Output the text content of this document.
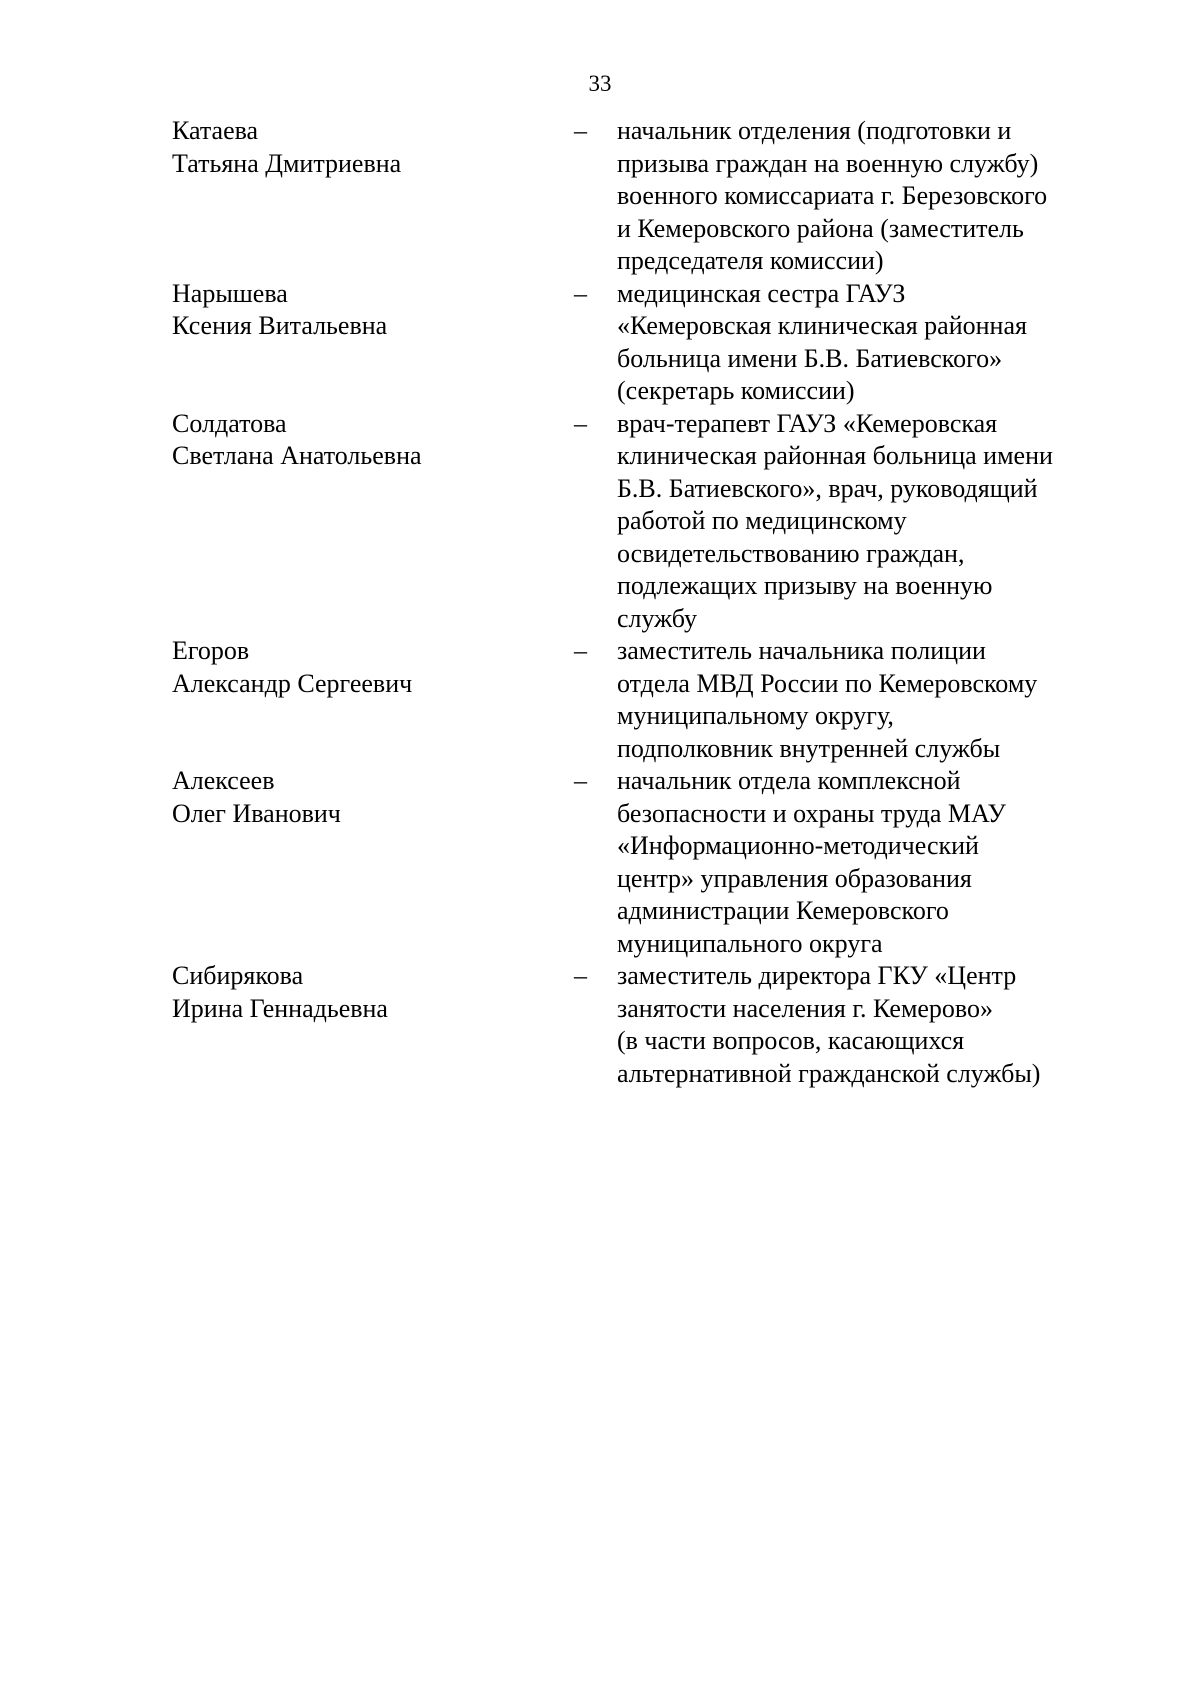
33
Катаева
Татьяна Дмитриевна
– начальник отделения (подготовки и
призыва граждан на военную службу)
военного комиссариата г. Березовского
и Кемеровского района (заместитель
председателя комиссии)
Нарышева
Ксения Витальевна
– медицинская сестра ГАУЗ
«Кемеровская клиническая районная
больница имени Б.В. Батиевского»
(секретарь комиссии)
Солдатова
Светлана Анатольевна
– врач-терапевт ГАУЗ «Кемеровская
клиническая районная больница имени
Б.В. Батиевского», врач, руководящий
работой по медицинскому
освидетельствованию граждан,
подлежащих призыву на военную
службу
Егоров
Александр Сергеевич
– заместитель начальника полиции
отдела МВД России по Кемеровскому
муниципальному округу,
подполковник внутренней службы
Алексеев
Олег Иванович
– начальник отдела комплексной
безопасности и охраны труда МАУ
«Информационно-методический
центр» управления образования
администрации Кемеровского
муниципального округа
Сибирякова
Ирина Геннадьевна
– заместитель директора ГКУ «Центр
занятости населения г. Кемерово»
(в части вопросов, касающихся
альтернативной гражданской службы)
